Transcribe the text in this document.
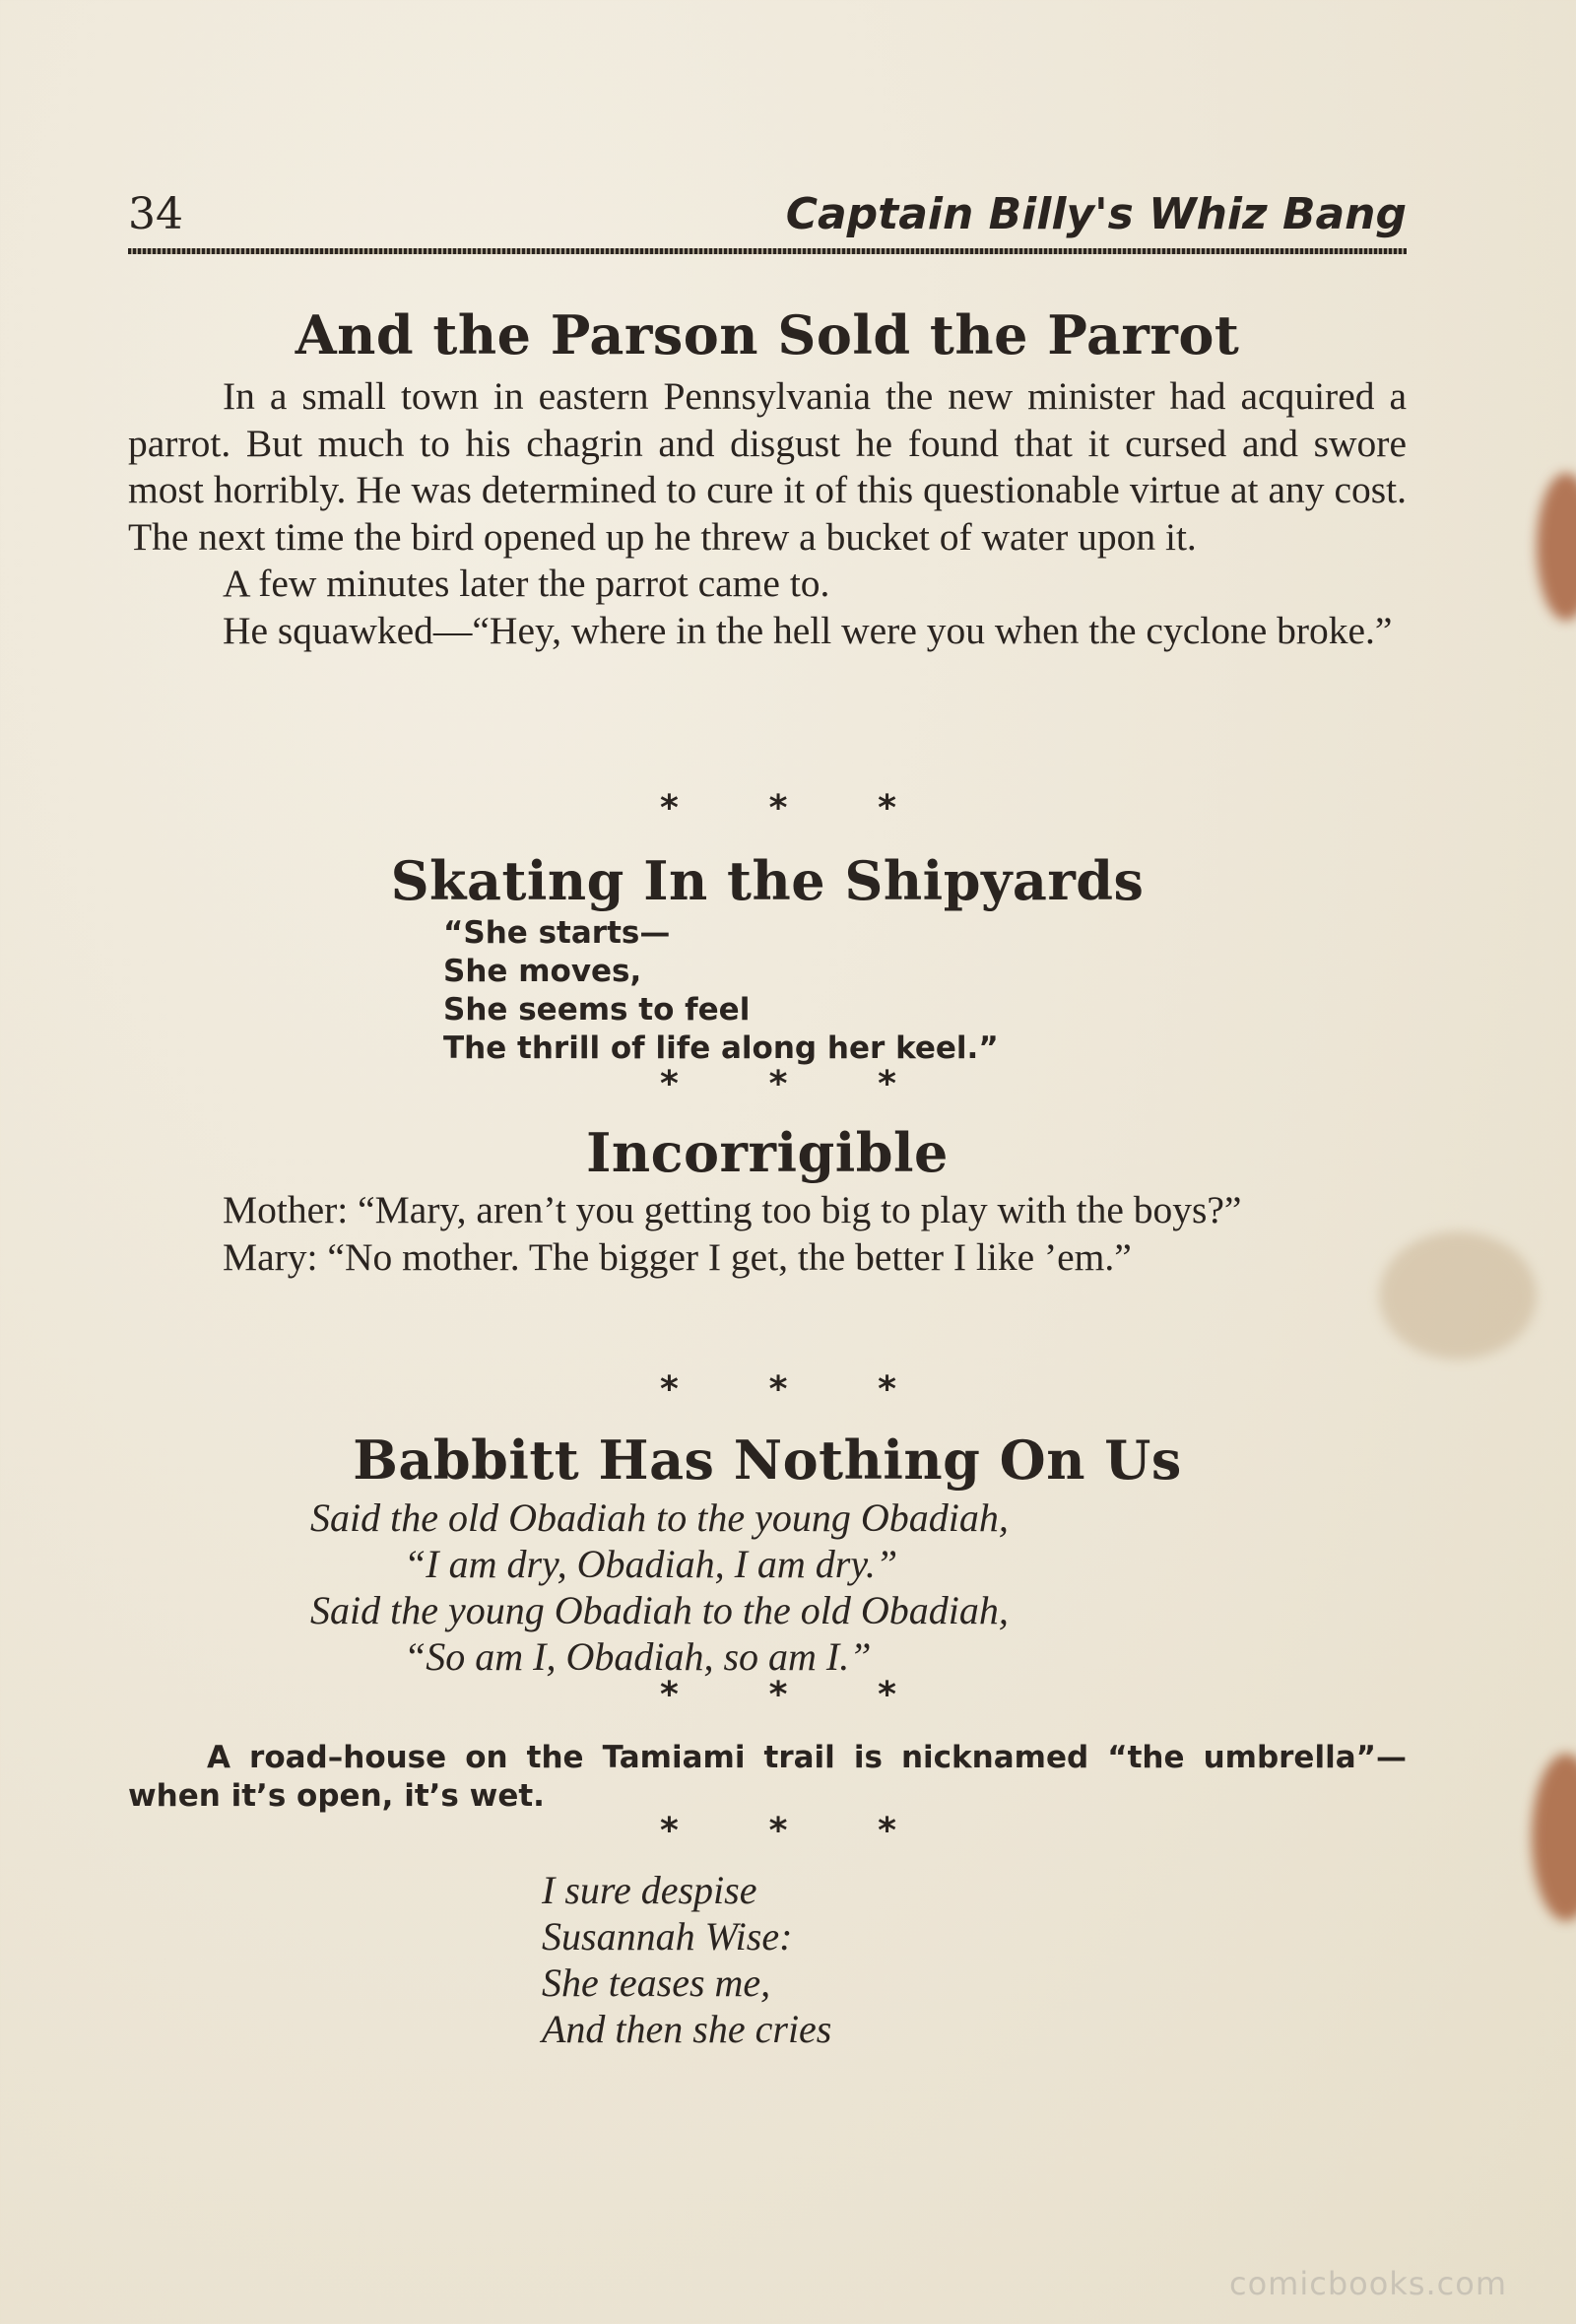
34	Captain Billy's Whiz Bang
And the Parson Sold the Parrot

In a small town in eastern Pennsylvania the new minister had acquired a parrot. But much to his chagrin and disgust he found that it cursed and swore most horribly. He was determined to cure it of this questionable virtue at any cost. The next time the bird opened up he threw a bucket of water upon it.

A few minutes later the parrot came to.

He squawked—“Hey, where in the hell were you when the cyclone broke.”

*	*	*
Skating In the Shipyards
“She starts—
She moves,
She seems to feel
The thrill of life along her keel.”
*	*	*
Incorrigible

Mother: “Mary, aren’t you getting too big to play with the boys?”

Mary: “No mother. The bigger I get, the better I like ’em.”

*	*	*
Babbitt Has Nothing On Us
Said the old Obadiah to the young Obadiah,
“I am dry, Obadiah, I am dry.”
Said the young Obadiah to the old Obadiah,
“So am I, Obadiah, so am I.”
*	*	*
A road–house on the Tamiami trail is nicknamed “the umbrella”—when it’s open, it’s wet.
*	*	*
I sure despise
Susannah Wise:
She teases me,
And then she cries
comicbooks.com
